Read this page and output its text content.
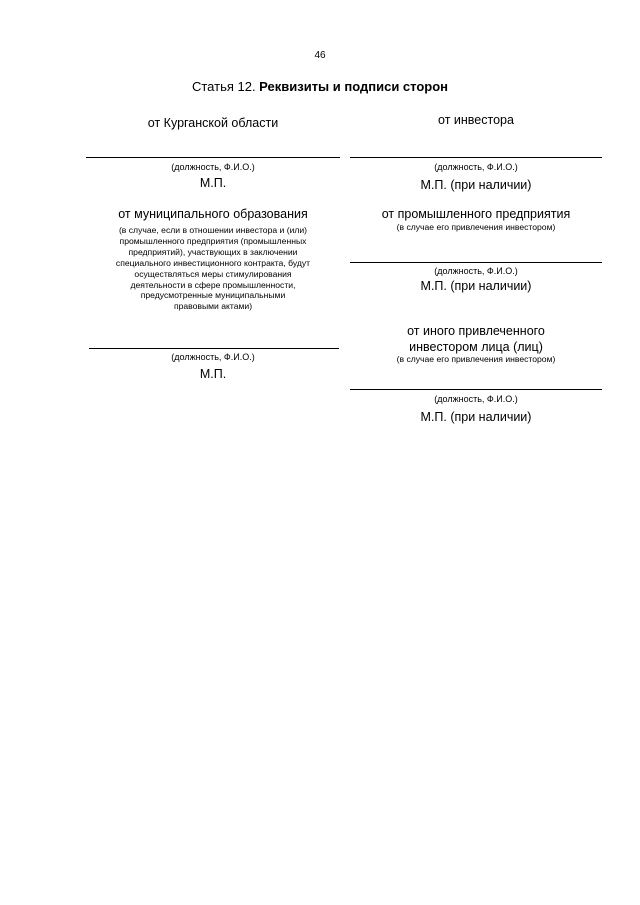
46
Статья 12. Реквизиты и подписи сторон
от Курганской области
(должность, Ф.И.О.)
М.П.
от муниципального образования
(в случае, если в отношении инвестора и (или)
промышленного предприятия (промышленных
предприятий), участвующих в заключении
специального инвестиционного контракта, будут
осуществляться меры стимулирования
деятельности в сфере промышленности,
предусмотренные муниципальными
правовыми актами)
(должность, Ф.И.О.)
М.П.
от инвестора
(должность, Ф.И.О.)
М.П. (при наличии)
от промышленного предприятия
(в случае его привлечения инвестором)
(должность, Ф.И.О.)
М.П. (при наличии)
от иного привлеченного
инвестором лица (лиц)
(в случае его привлечения инвестором)
(должность, Ф.И.О.)
М.П. (при наличии)
